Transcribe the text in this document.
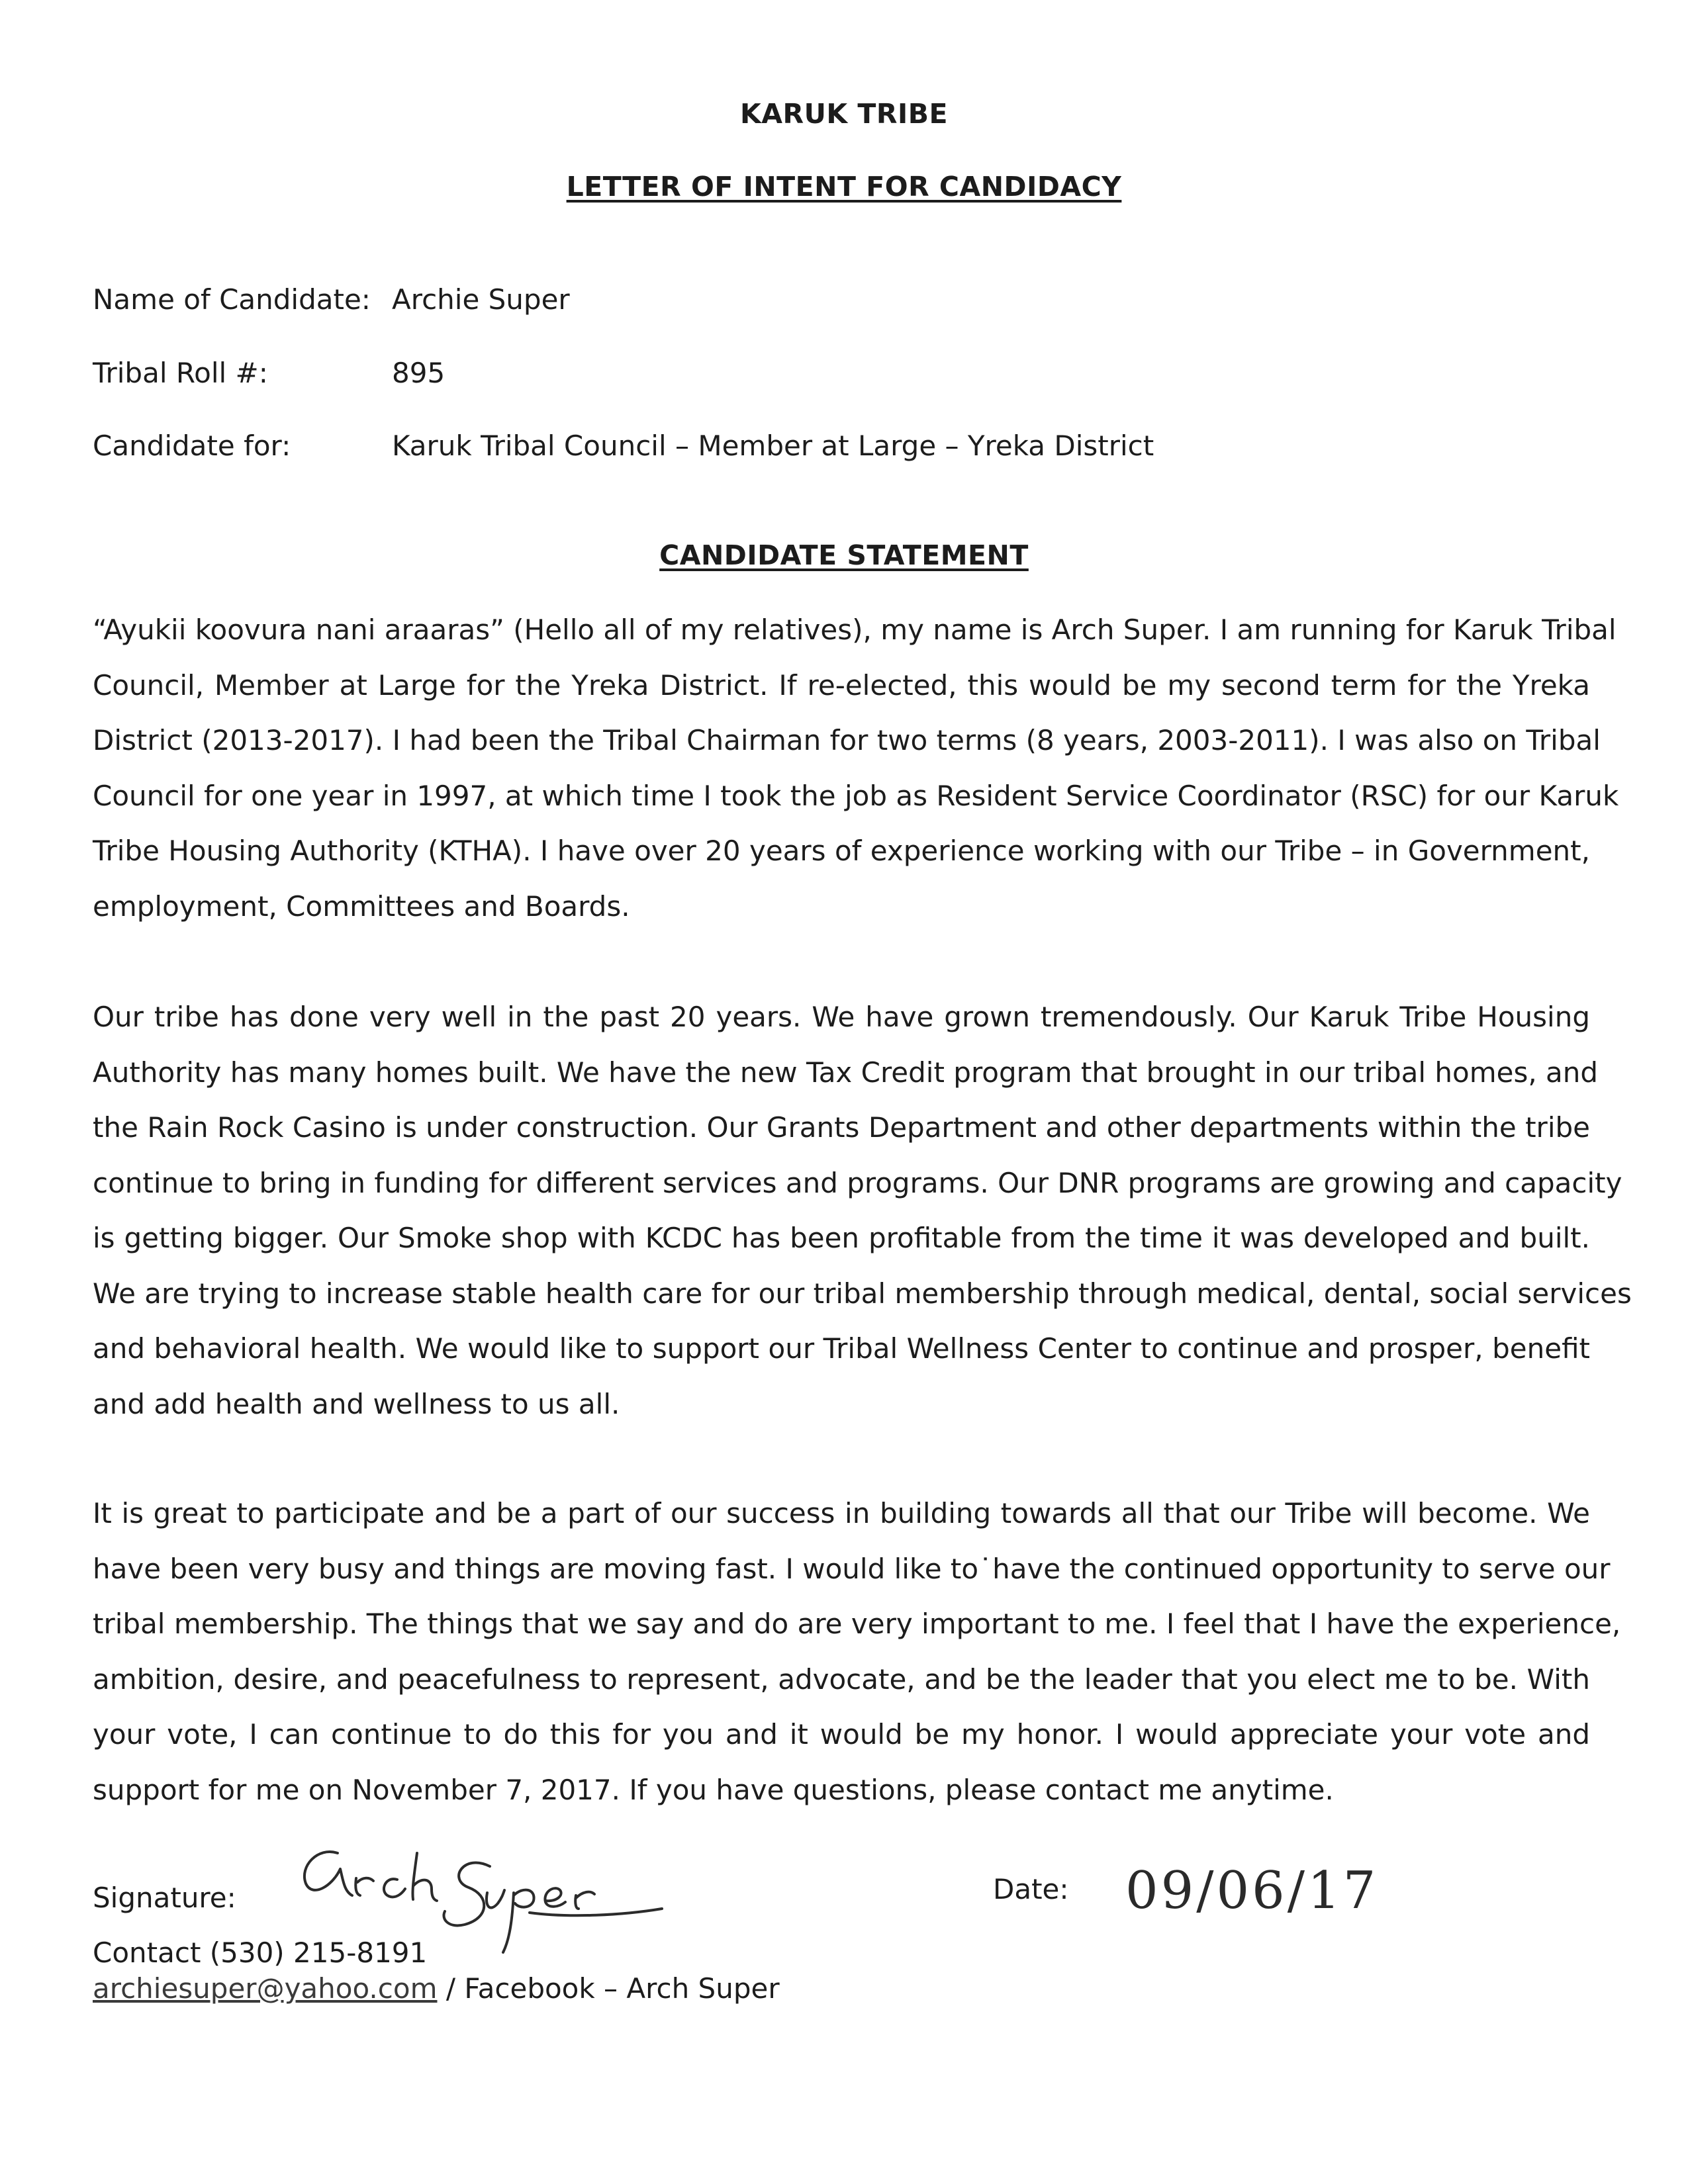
KARUK TRIBE
LETTER OF INTENT FOR CANDIDACY
Name of Candidate: Archie Super
Tribal Roll #:	895
Candidate for:	Karuk Tribal Council – Member at Large – Yreka District
CANDIDATE STATEMENT
“Ayukii koovura nani araaras” (Hello all of my relatives), my name is Arch Super. I am running for Karuk Tribal
Council, Member at Large for the Yreka District. If re-elected, this would be my second term for the Yreka
District (2013-2017). I had been the Tribal Chairman for two terms (8 years, 2003-2011). I was also on Tribal
Council for one year in 1997, at which time I took the job as Resident Service Coordinator (RSC) for our Karuk
Tribe Housing Authority (KTHA). I have over 20 years of experience working with our Tribe – in Government,
employment, Committees and Boards.
Our tribe has done very well in the past 20 years. We have grown tremendously. Our Karuk Tribe Housing
Authority has many homes built. We have the new Tax Credit program that brought in our tribal homes, and
the Rain Rock Casino is under construction. Our Grants Department and other departments within the tribe
continue to bring in funding for different services and programs. Our DNR programs are growing and capacity
is getting bigger. Our Smoke shop with KCDC has been profitable from the time it was developed and built.
We are trying to increase stable health care for our tribal membership through medical, dental, social services
and behavioral health. We would like to support our Tribal Wellness Center to continue and prosper, benefit
and add health and wellness to us all.
It is great to participate and be a part of our success in building towards all that our Tribe will become. We
have been very busy and things are moving fast. I would like to˙have the continued opportunity to serve our
tribal membership. The things that we say and do are very important to me. I feel that I have the experience,
ambition, desire, and peacefulness to represent, advocate, and be the leader that you elect me to be. With
your vote, I can continue to do this for you and it would be my honor. I would appreciate your vote and
support for me on November 7, 2017. If you have questions, please contact me anytime.
Signature:	Date: 09/06/17
Contact (530) 215-8191
archiesuper@yahoo.com / Facebook – Arch Super
